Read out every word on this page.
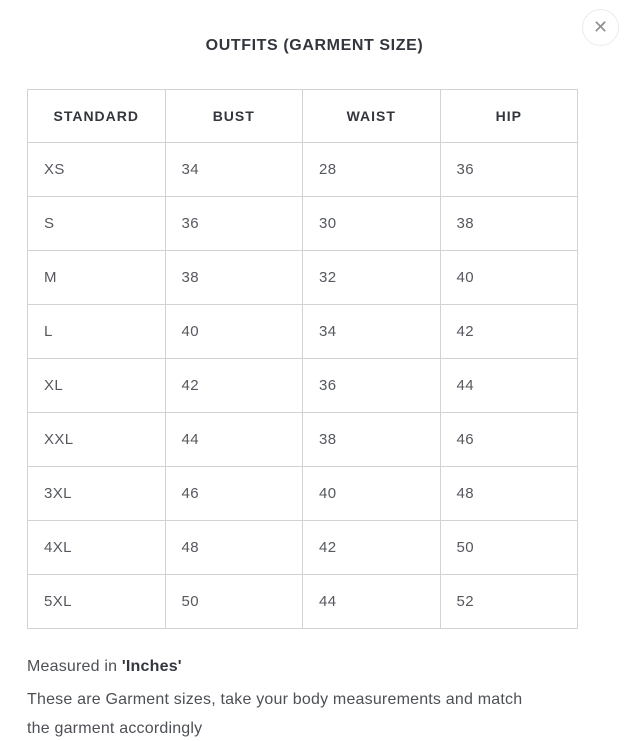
✕
OUTFITS (GARMENT SIZE)
STANDARD	BUST	WAIST	HIP
XS	34	28	36
S	36	30	38
M	38	32	40
L	40	34	42
XL	42	36	44
XXL	44	38	46
3XL	46	40	48
4XL	48	42	50
5XL	50	44	52

Measured in 'Inches'

These are Garment sizes, take your body measurements and match the garment accordingly
